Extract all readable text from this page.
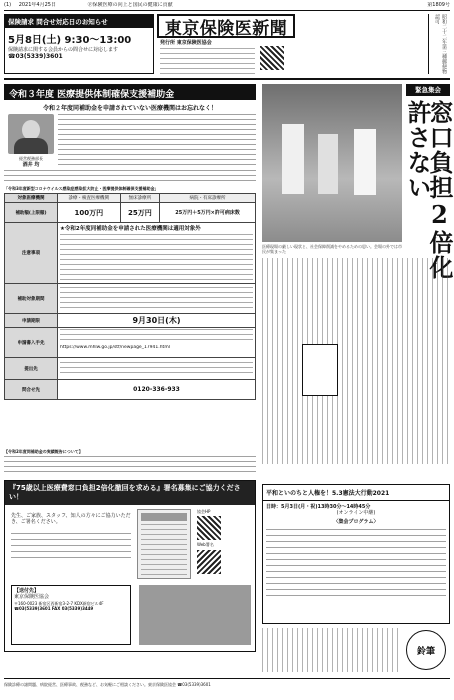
(1) 2021年4月25日	ⓟ保険医療の向上と国民の健康に貢献	第1809号
保険請求 問合せ対応日のお知らせ
5月8日(土) 9:30～13:00
保険請求に関する会員からの問合せに対応します
☎03(5339)3601
東京保険医新聞
発行所 東京保険医協会	昭和二十二年第三種郵便物認可
令和３年度 医療提供体制確保支援補助金
令和２年度同補助金を申請されていない医療機関はお忘れなく！
経営税務部長
酒井 均
「令和3年度新型コロナウイルス感染症感染拡大防止・医療提供体制確保支援補助金」
対象医療機関	診療・検査医療機関	無床診療所	病院・有床診療所
補助額(上限額)	100万円	25万円	25万円＋5万円×許可病床数
注意事項	★令和2年度同補助金を申請された医療機関は適用対象外		

補助対象期間			

申請期限	9月30日(木)		
申請書入手先	https://www.mhlw.go.jp/stf/newpage_17941.html		

提出先			

問合せ先	0120-336-933		
【令和2年度同補助金の実績報告について】
『75歳以上医療費窓口負担2倍化撤回を求める』署名募集にご協力ください！
先生、ご家族、スタッフ、知人の方々にご協力いただき、ご署名ください。
協会HP
Web署名
【送付先】
東京保険医協会
〒160-0023 新宿区西新宿3-2-7 KDX新宿ビル4F
☎03(5339)3601 FAX 03(5339)3449
緊急集会
窓口負担2倍化 許さない
医療現場の厳しい現状と、社会保障削減をやめるための思い。会場の外では市民が集まった
平和といのちと人権を！5.3憲法大行動2021
日時：5月3日(月・祝)13時30分～14時45分
(オンライン中継)
〈集会プログラム〉
鈴筆
保険診療の諸問題、病院経営、医療事故、税務など、お気軽にご相談ください。東京保険医協会 ☎03(5339)3601
